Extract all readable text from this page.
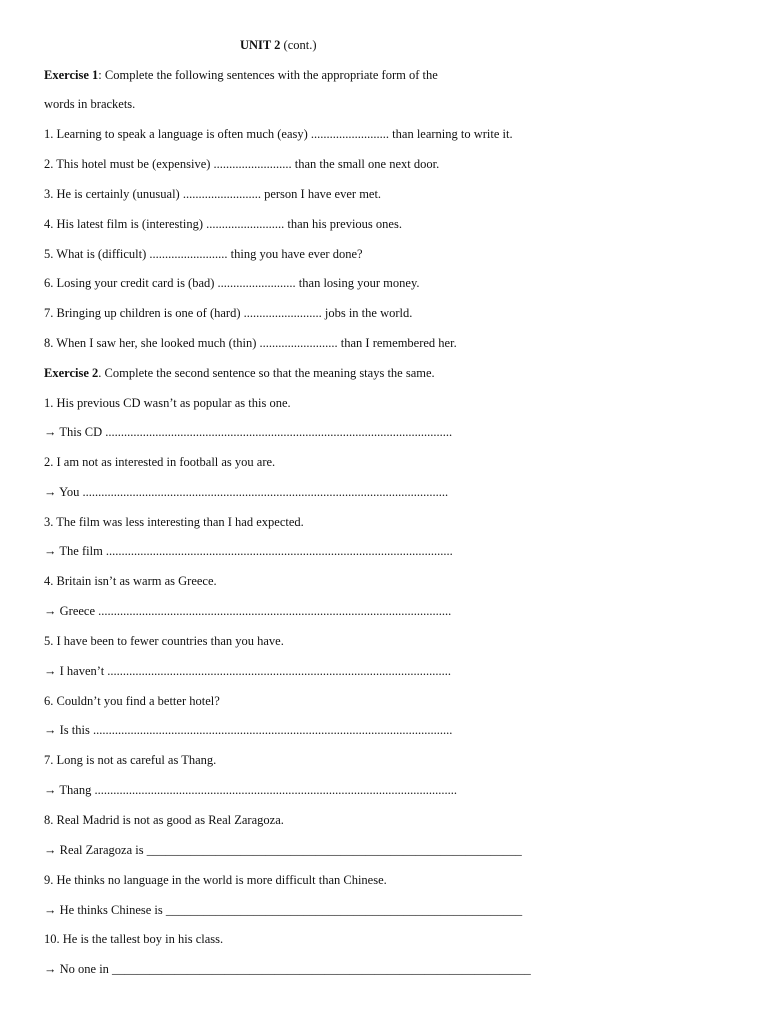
UNIT 2 (cont.)
Exercise 1: Complete the following sentences with the appropriate form of the
words in brackets.
1. Learning to speak a language is often much (easy) ......................... than learning to write it.
2. This hotel must be (expensive) ......................... than the small one next door.
3. He is certainly (unusual) ......................... person I have ever met.
4. His latest film is (interesting) ......................... than his previous ones.
5. What is (difficult) ......................... thing you have ever done?
6. Losing your credit card is (bad) ......................... than losing your money.
7. Bringing up children is one of (hard) ......................... jobs in the world.
8. When I saw her, she looked much (thin) ......................... than I remembered her.
Exercise 2. Complete the second sentence so that the meaning stays the same.
1. His previous CD wasn’t as popular as this one.
→ This CD ...............................................................................................................
2. I am not as interested in football as you are.
→ You .....................................................................................................................
3. The film was less interesting than I had expected.
→ The film ...............................................................................................................
4. Britain isn’t as warm as Greece.
→ Greece .................................................................................................................
5. I have been to fewer countries than you have.
→ I haven’t ..............................................................................................................
6. Couldn’t you find a better hotel?
→ Is this ...................................................................................................................
7. Long is not as careful as Thang.
→ Thang ....................................................................................................................
8. Real Madrid is not as good as Real Zaragoza.
→ Real Zaragoza is ____________________________________________________________
9. He thinks no language in the world is more difficult than Chinese.
→ He thinks Chinese is _________________________________________________________
10. He is the tallest boy in his class.
→ No one in ___________________________________________________________________
